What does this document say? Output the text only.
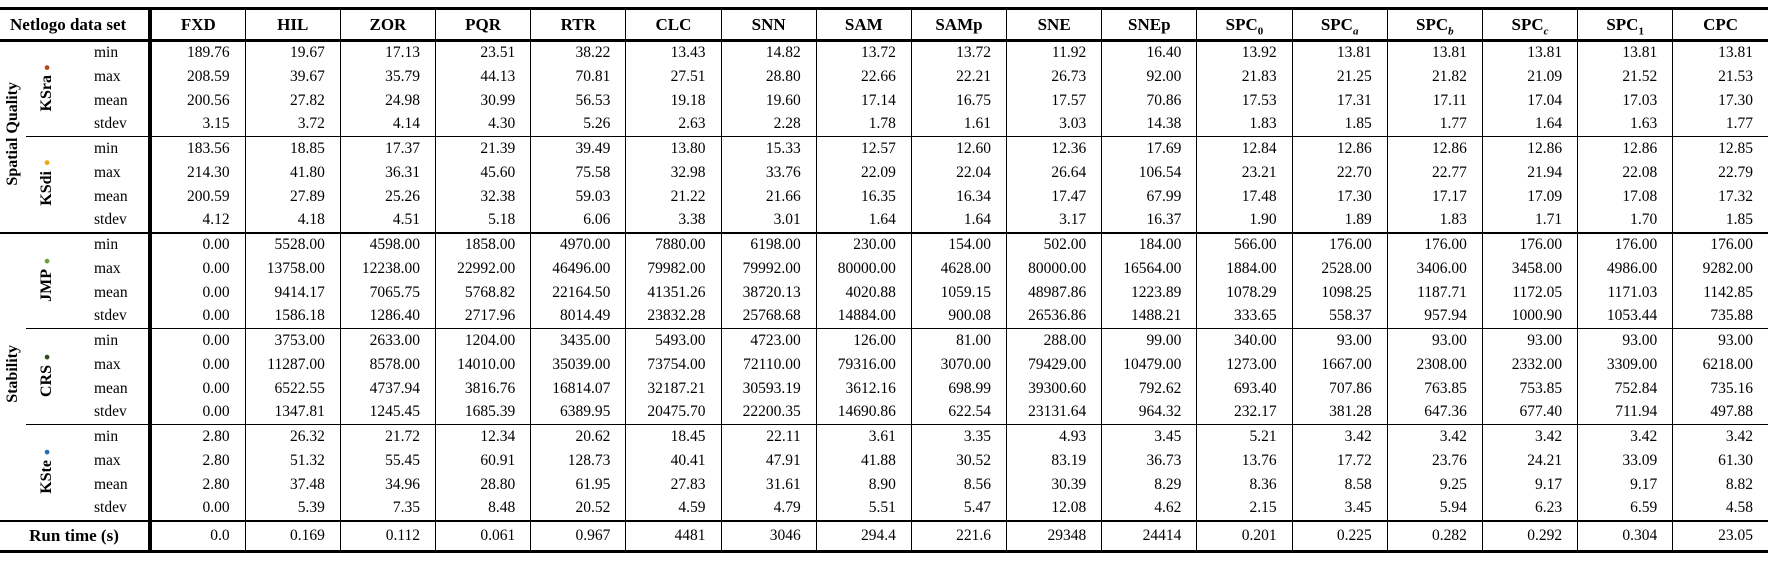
Netlogo data set			FXD	HIL	ZOR	PQR	RTR	CLC	SNN	SAM	SAMp	SNE	SNEp	$SPC_0$	$SPC_a$	$SPC_b$	$SPC_c$	$SPC_1$	CPC
Spatial Quality	KSra●	min	189.76	19.67	17.13	23.51	38.22	13.43	14.82	13.72	13.72	11.92	16.40	13.92	13.81	13.81	13.81	13.81	13.81
		max	208.59	39.67	35.79	44.13	70.81	27.51	28.80	22.66	22.21	26.73	92.00	21.83	21.25	21.82	21.09	21.52	21.53
		mean	200.56	27.82	24.98	30.99	56.53	19.18	19.60	17.14	16.75	17.57	70.86	17.53	17.31	17.11	17.04	17.03	17.30
		stdev	3.15	3.72	4.14	4.30	5.26	2.63	2.28	1.78	1.61	3.03	14.38	1.83	1.85	1.77	1.64	1.63	1.77
	KSdi●	min	183.56	18.85	17.37	21.39	39.49	13.80	15.33	12.57	12.60	12.36	17.69	12.84	12.86	12.86	12.86	12.86	12.85
		max	214.30	41.80	36.31	45.60	75.58	32.98	33.76	22.09	22.04	26.64	106.54	23.21	22.70	22.77	21.94	22.08	22.79
		mean	200.59	27.89	25.26	32.38	59.03	21.22	21.66	16.35	16.34	17.47	67.99	17.48	17.30	17.17	17.09	17.08	17.32
		stdev	4.12	4.18	4.51	5.18	6.06	3.38	3.01	1.64	1.64	3.17	16.37	1.90	1.89	1.83	1.71	1.70	1.85
Stability	JMP●	min	0.00	5528.00	4598.00	1858.00	4970.00	7880.00	6198.00	230.00	154.00	502.00	184.00	566.00	176.00	176.00	176.00	176.00	176.00
		max	0.00	13758.00	12238.00	22992.00	46496.00	79982.00	79992.00	80000.00	4628.00	80000.00	16564.00	1884.00	2528.00	3406.00	3458.00	4986.00	9282.00
		mean	0.00	9414.17	7065.75	5768.82	22164.50	41351.26	38720.13	4020.88	1059.15	48987.86	1223.89	1078.29	1098.25	1187.71	1172.05	1171.03	1142.85
		stdev	0.00	1586.18	1286.40	2717.96	8014.49	23832.28	25768.68	14884.00	900.08	26536.86	1488.21	333.65	558.37	957.94	1000.90	1053.44	735.88
	CRS●	min	0.00	3753.00	2633.00	1204.00	3435.00	5493.00	4723.00	126.00	81.00	288.00	99.00	340.00	93.00	93.00	93.00	93.00	93.00
		max	0.00	11287.00	8578.00	14010.00	35039.00	73754.00	72110.00	79316.00	3070.00	79429.00	10479.00	1273.00	1667.00	2308.00	2332.00	3309.00	6218.00
		mean	0.00	6522.55	4737.94	3816.76	16814.07	32187.21	30593.19	3612.16	698.99	39300.60	792.62	693.40	707.86	763.85	753.85	752.84	735.16
		stdev	0.00	1347.81	1245.45	1685.39	6389.95	20475.70	22200.35	14690.86	622.54	23131.64	964.32	232.17	381.28	647.36	677.40	711.94	497.88
	KSte●	min	2.80	26.32	21.72	12.34	20.62	18.45	22.11	3.61	3.35	4.93	3.45	5.21	3.42	3.42	3.42	3.42	3.42
		max	2.80	51.32	55.45	60.91	128.73	40.41	47.91	41.88	30.52	83.19	36.73	13.76	17.72	23.76	24.21	33.09	61.30
		mean	2.80	37.48	34.96	28.80	61.95	27.83	31.61	8.90	8.56	30.39	8.29	8.36	8.58	9.25	9.17	9.17	8.82
		stdev	0.00	5.39	7.35	8.48	20.52	4.59	4.79	5.51	5.47	12.08	4.62	2.15	3.45	5.94	6.23	6.59	4.58
Run time (s)			0.0	0.169	0.112	0.061	0.967	4481	3046	294.4	221.6	29348	24414	0.201	0.225	0.282	0.292	0.304	23.05
